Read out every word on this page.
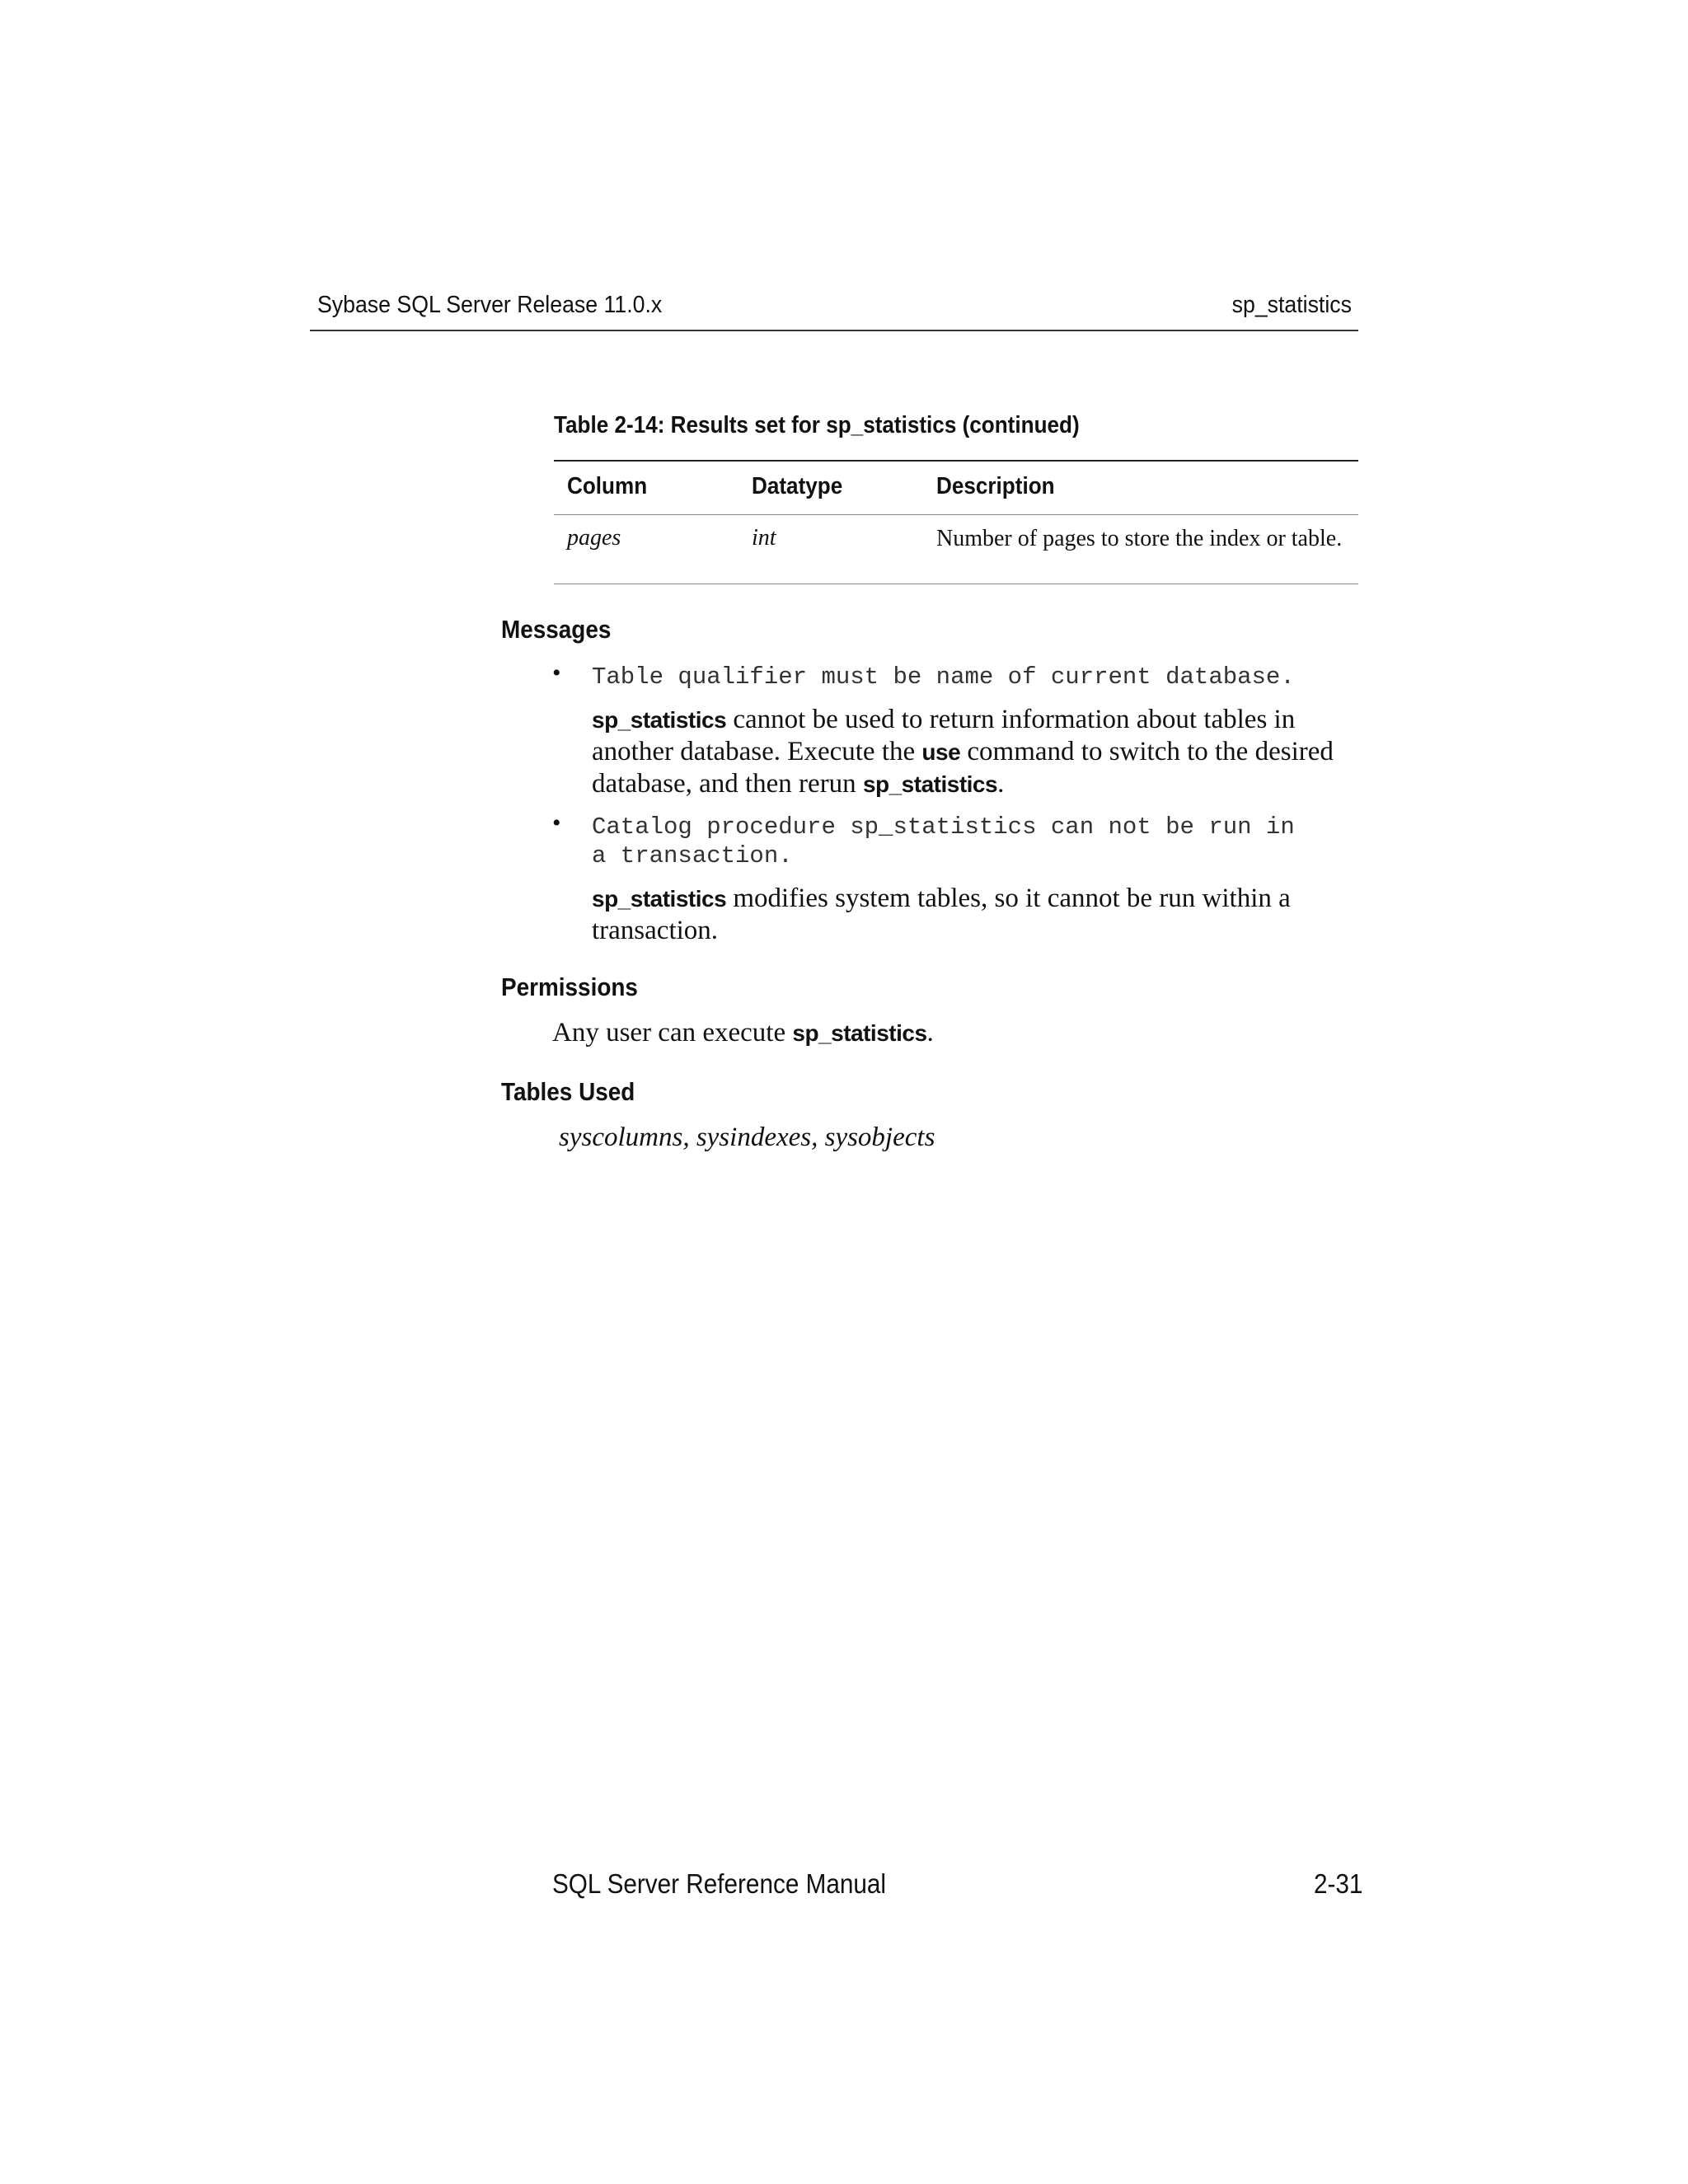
Sybase SQL Server Release 11.0.x	sp_statistics
Table 2-14: Results set for sp_statistics (continued)
Column	Datatype	Description
pages	int	Number of pages to store the index or table.
Messages
• Table qualifier must be name of current database.
sp_statistics cannot be used to return information about tables in another database. Execute the use command to switch to the desired database, and then rerun sp_statistics.
• Catalog procedure sp_statistics can not be run in
a transaction.
sp_statistics modifies system tables, so it cannot be run within a transaction.
Permissions
Any user can execute sp_statistics.
Tables Used
syscolumns, sysindexes, sysobjects
SQL Server Reference Manual	2-31
